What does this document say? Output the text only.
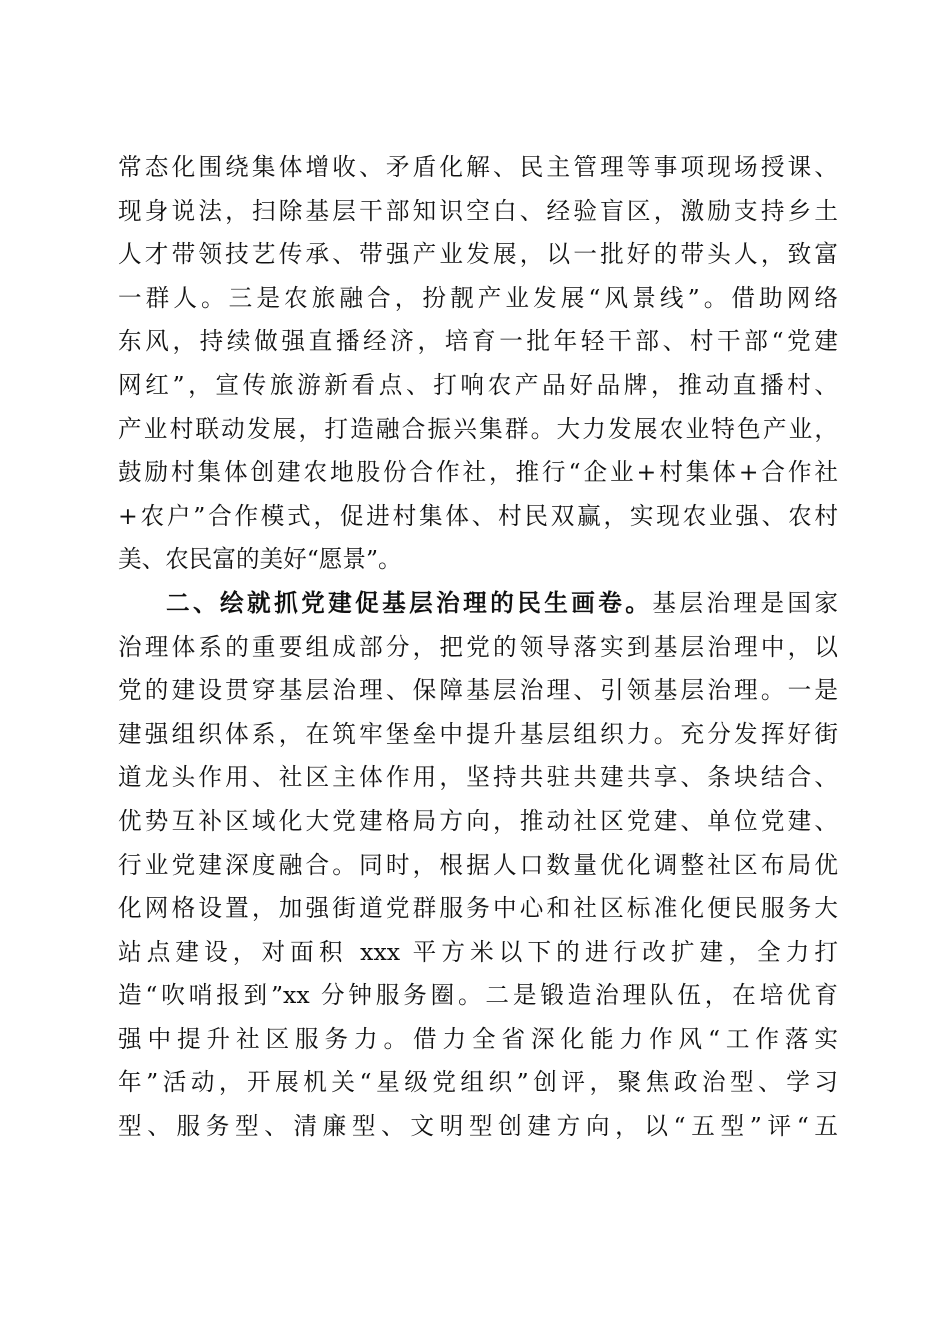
常态化围绕集体增收、矛盾化解、民主管理等事项现场授课、
现身说法，扫除基层干部知识空白、经验盲区，激励支持乡土
人才带领技艺传承、带强产业发展，以一批好的带头人，致富
一群人。三是农旅融合，扮靓产业发展“风景线”。借助网络
东风，持续做强直播经济，培育一批年轻干部、村干部“党建
网红”，宣传旅游新看点、打响农产品好品牌，推动直播村、
产业村联动发展，打造融合振兴集群。大力发展农业特色产业，
鼓励村集体创建农地股份合作社，推行“企业+村集体+合作社
+农户”合作模式，促进村集体、村民双赢，实现农业强、农村
美、农民富的美好“愿景”。
二、绘就抓党建促基层治理的民生画卷。基层治理是国家
治理体系的重要组成部分，把党的领导落实到基层治理中，以
党的建设贯穿基层治理、保障基层治理、引领基层治理。一是
建强组织体系，在筑牢堡垒中提升基层组织力。充分发挥好街
道龙头作用、社区主体作用，坚持共驻共建共享、条块结合、
优势互补区域化大党建格局方向，推动社区党建、单位党建、
行业党建深度融合。同时，根据人口数量优化调整社区布局优
化网格设置，加强街道党群服务中心和社区标准化便民服务大
站点建设，对面积 xxx 平方米以下的进行改扩建，全力打
造“吹哨报到”xx 分钟服务圈。二是锻造治理队伍，在培优育
强中提升社区服务力。借力全省深化能力作风“工作落实
年”活动，开展机关“星级党组织”创评，聚焦政治型、学习
型、服务型、清廉型、文明型创建方向，以“五型”评“五
